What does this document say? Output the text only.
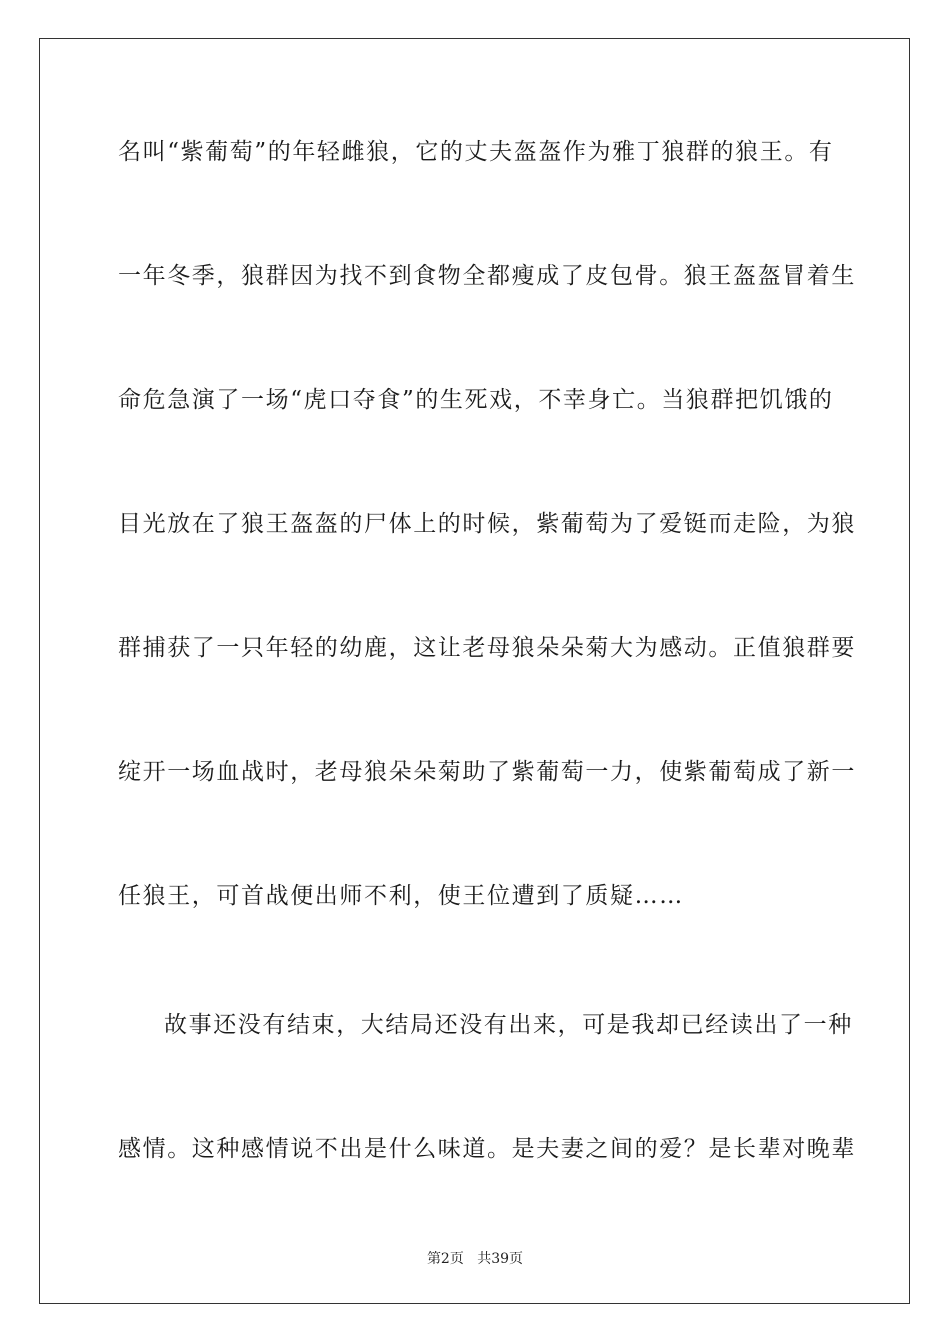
名叫“紫葡萄”的年轻雌狼，它的丈夫盔盔作为雅丁狼群的狼王。有
一年冬季，狼群因为找不到食物全都瘦成了皮包骨。狼王盔盔冒着生
命危急演了一场“虎口夺食”的生死戏，不幸身亡。当狼群把饥饿的
目光放在了狼王盔盔的尸体上的时候，紫葡萄为了爱铤而走险，为狼
群捕获了一只年轻的幼鹿，这让老母狼朵朵菊大为感动。正值狼群要
绽开一场血战时，老母狼朵朵菊助了紫葡萄一力，使紫葡萄成了新一
任狼王，可首战便出师不利，使王位遭到了质疑……
故事还没有结束，大结局还没有出来，可是我却已经读出了一种
感情。这种感情说不出是什么味道。是夫妻之间的爱？是长辈对晚辈
第2页 共39页
